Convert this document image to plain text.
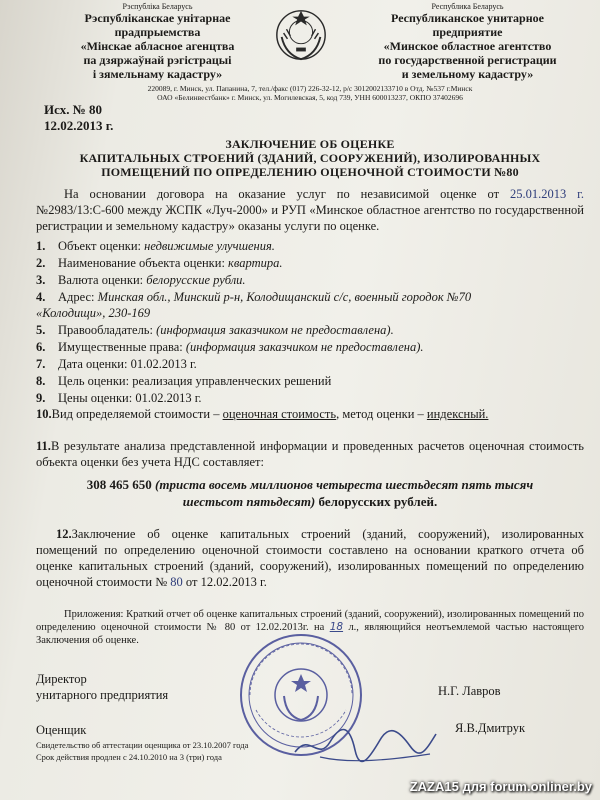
Рэспубліка Беларусь
Рэспубліканскае унітарнае
прадпрыемства
«Мінскае абласное агенцтва
па дзяржаўнай рэгістрацыі
і зямельнаму кадастру»
Республика Беларусь
Республиканское унитарное
предприятие
«Минское областное агентство
по государственной регистрации
и земельному кадастру»
220089, г. Минск, ул. Папанина, 7, тел./факс (017) 226-32-12, р/с 3012002133710 в Отд. №537 г.Минск
ОАО «Белинвестбанк» г. Минск, ул. Могилевская, 5, код 739, УНН 600013237, ОКПО 37402696
Исх. № 80
12.02.2013 г.
ЗАКЛЮЧЕНИЕ ОБ ОЦЕНКЕ
КАПИТАЛЬНЫХ СТРОЕНИЙ (ЗДАНИЙ, СООРУЖЕНИЙ), ИЗОЛИРОВАННЫХ
ПОМЕЩЕНИЙ ПО ОПРЕДЕЛЕНИЮ ОЦЕНОЧНОЙ СТОИМОСТИ №80
На основании договора на оказание услуг по независимой оценке от 25.01.2013 г. №2983/13:С-600 между ЖСПК «Луч-2000» и РУП «Минское областное агентство по государственной регистрации и земельному кадастру» оказаны услуги по оценке.
1. Объект оценки: недвижимые улучшения.
2. Наименование объекта оценки: квартира.
3. Валюта оценки: белорусские рубли.
4. Адрес: Минская обл., Минский р-н, Колодищанский с/с, военный городок №70
«Колодищи», 230-169
5. Правообладатель: (информация заказчиком не предоставлена).
6. Имущественные права: (информация заказчиком не предоставлена).
7. Дата оценки: 01.02.2013 г.
8. Цель оценки: реализация управленческих решений
9. Цены оценки: 01.02.2013 г.
10.Вид определяемой стоимости – оценочная стоимость, метод оценки – индексный.
11.В результате анализа представленной информации и проведенных расчетов оценочная стоимость объекта оценки без учета НДС составляет:
308 465 650 (триста восемь миллионов четыреста шестьдесят пять тысяч
шестьсот пятьдесят) белорусских рублей.
12.Заключение об оценке капитальных строений (зданий, сооружений), изолированных помещений по определению оценочной стоимости составлено на основании краткого отчета об оценке капитальных строений (зданий, сооружений), изолированных помещений по определению оценочной стоимости № 80 от 12.02.2013 г.
Приложения: Краткий отчет об оценке капитальных строений (зданий, сооружений), изолированных помещений по определению оценочной стоимости № 80 от 12.02.2013г. на 18 л., являющийся неотъемлемой частью настоящего Заключения об оценке.
Директор
унитарного предприятия	Н.Г. Лавров
Оценщик	Я.В.Дмитрук
Свидетельство об аттестации оценщика от 23.10.2007 года
Срок действия продлен с 24.10.2010 на 3 (три) года
ZAZA15 для forum.onliner.by
